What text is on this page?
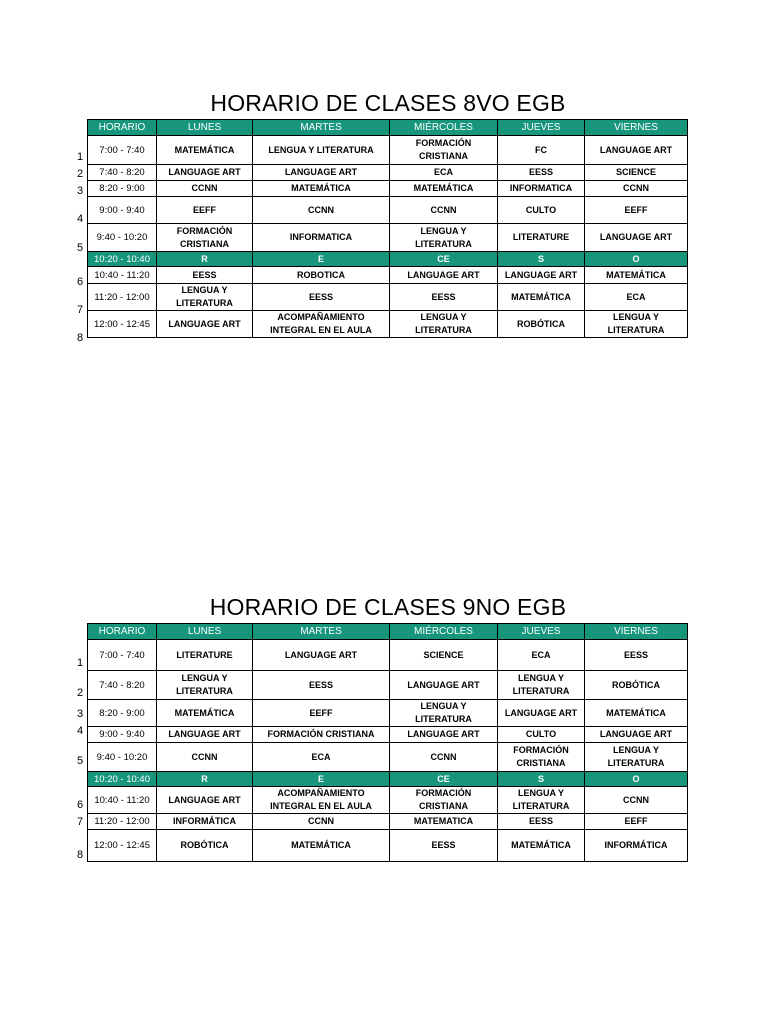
HORARIO DE CLASES 8VO EGB
HORARIO	LUNES	MARTES	MIÉRCOLES	JUEVES	VIERNES
7:00 - 7:40	MATEMÁTICA	LENGUA Y LITERATURA	FORMACIÓN CRISTIANA	FC	LANGUAGE ART
7:40 - 8:20	LANGUAGE ART	LANGUAGE ART	ECA	EESS	SCIENCE
8:20 - 9:00	CCNN	MATEMÁTICA	MATEMÁTICA	INFORMATICA	CCNN
9:00 - 9:40	EEFF	CCNN	CCNN	CULTO	EEFF
9:40 - 10:20	FORMACIÓN CRISTIANA	INFORMATICA	LENGUA Y LITERATURA	LITERATURE	LANGUAGE ART
10:20 - 10:40	R	E	CE	S	O
10:40 - 11:20	EESS	ROBOTICA	LANGUAGE ART	LANGUAGE ART	MATEMÁTICA
11:20 - 12:00	LENGUA Y LITERATURA	EESS	EESS	MATEMÁTICA	ECA
12:00 - 12:45	LANGUAGE ART	ACOMPAÑAMIENTO INTEGRAL EN EL AULA	LENGUA Y LITERATURA	ROBÓTICA	LENGUA Y LITERATURA
HORARIO DE CLASES 9NO EGB
HORARIO	LUNES	MARTES	MIÉRCOLES	JUEVES	VIERNES
7:00 - 7:40	LITERATURE	LANGUAGE ART	SCIENCE	ECA	EESS
7:40 - 8:20	LENGUA Y LITERATURA	EESS	LANGUAGE ART	LENGUA Y LITERATURA	ROBÓTICA
8:20 - 9:00	MATEMÁTICA	EEFF	LENGUA Y LITERATURA	LANGUAGE ART	MATEMÁTICA
9:00 - 9:40	LANGUAGE ART	FORMACIÓN CRISTIANA	LANGUAGE ART	CULTO	LANGUAGE ART
9:40 - 10:20	CCNN	ECA	CCNN	FORMACIÓN CRISTIANA	LENGUA Y LITERATURA
10:20 - 10:40	R	E	CE	S	O
10:40 - 11:20	LANGUAGE ART	ACOMPAÑAMIENTO INTEGRAL EN EL AULA	FORMACIÓN CRISTIANA	LENGUA Y LITERATURA	CCNN
11:20 - 12:00	INFORMÁTICA	CCNN	MATEMATICA	EESS	EEFF
12:00 - 12:45	ROBÓTICA	MATEMÁTICA	EESS	MATEMÁTICA	INFORMÁTICA
1
2
3
4
5
6
7
8
1
2
3
4
5
6
7
8
